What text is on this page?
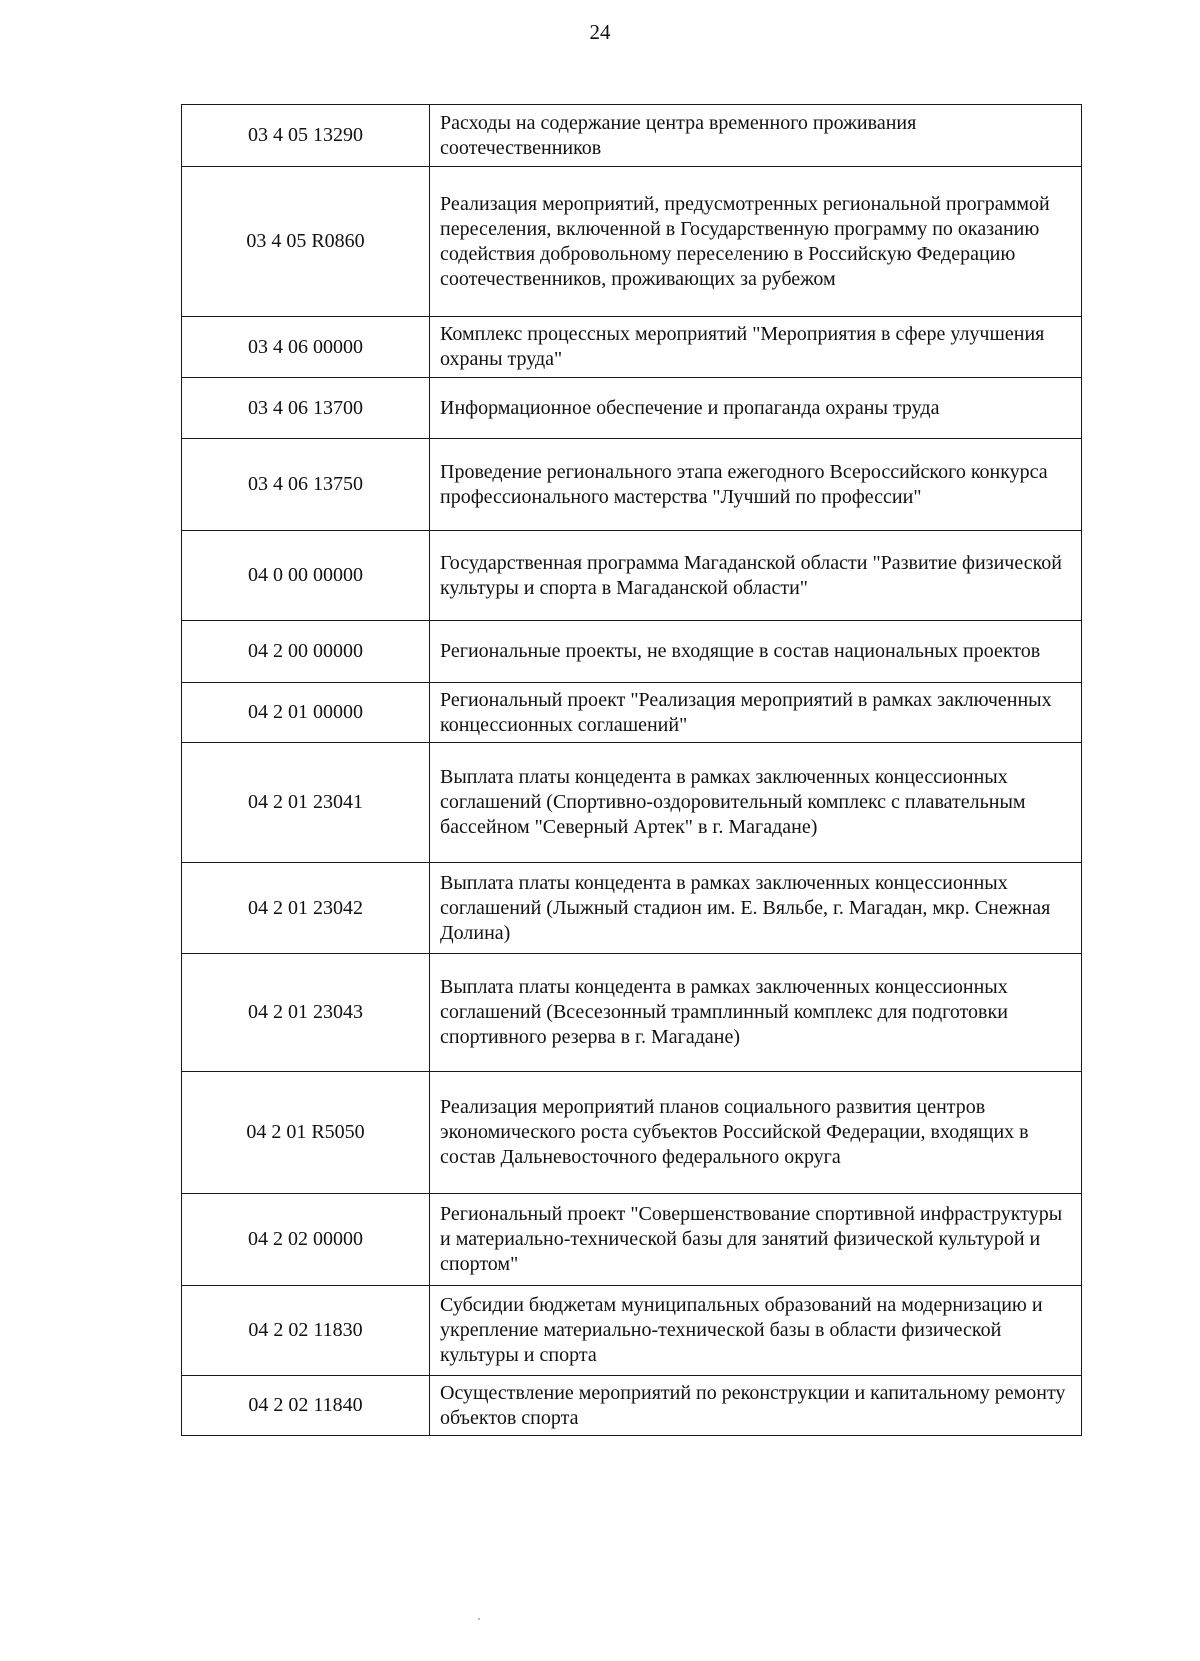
24
03 4 05 13290	Расходы на содержание центра временного проживания соотечественников
03 4 05 R0860	Реализация мероприятий, предусмотренных региональной программой переселения, включенной в Государственную программу по оказанию содействия добровольному переселению в Российскую Федерацию соотечественников, проживающих за рубежом
03 4 06 00000	Комплекс процессных мероприятий "Мероприятия в сфере улучшения охраны труда"
03 4 06 13700	Информационное обеспечение и пропаганда охраны труда
03 4 06 13750	Проведение регионального этапа ежегодного Всероссийского конкурса профессионального мастерства "Лучший по профессии"
04 0 00 00000	Государственная программа Магаданской области "Развитие физической культуры и спорта в Магаданской области"
04 2 00 00000	Региональные проекты, не входящие в состав национальных проектов
04 2 01 00000	Региональный проект "Реализация мероприятий в рамках заключенных концессионных соглашений"
04 2 01 23041	Выплата платы концедента в рамках заключенных концессионных соглашений (Спортивно-оздоровительный комплекс с плавательным бассейном "Северный Артек" в г. Магадане)
04 2 01 23042	Выплата платы концедента в рамках заключенных концессионных соглашений (Лыжный стадион им. Е. Вяльбе, г. Магадан, мкр. Снежная Долина)
04 2 01 23043	Выплата платы концедента в рамках заключенных концессионных соглашений (Всесезонный трамплинный комплекс для подготовки спортивного резерва в г. Магадане)
04 2 01 R5050	Реализация мероприятий планов социального развития центров экономического роста субъектов Российской Федерации, входящих в состав Дальневосточного федерального округа
04 2 02 00000	Региональный проект "Совершенствование спортивной инфраструктуры и материально-технической базы для занятий физической культурой и спортом"
04 2 02 11830	Субсидии бюджетам муниципальных образований на модернизацию и укрепление материально-технической базы в области физической культуры и спорта
04 2 02 11840	Осуществление мероприятий по реконструкции и капитальному ремонту объектов спорта
